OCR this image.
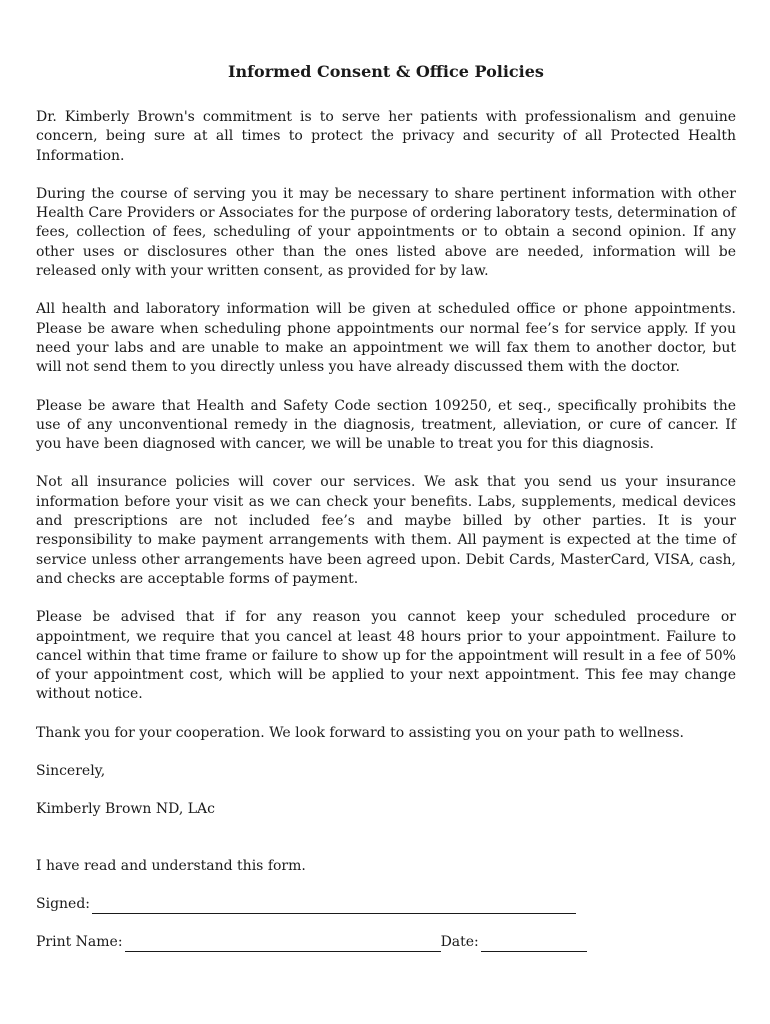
Informed Consent & Office Policies

Dr. Kimberly Brown's commitment is to serve her patients with professionalism and genuine concern, being sure at all times to protect the privacy and security of all Protected Health Information.

During the course of serving you it may be necessary to share pertinent information with other Health Care Providers or Associates for the purpose of ordering laboratory tests, determination of fees, collection of fees, scheduling of your appointments or to obtain a second opinion. If any other uses or disclosures other than the ones listed above are needed, information will be released only with your written consent, as provided for by law.

All health and laboratory information will be given at scheduled office or phone appointments. Please be aware when scheduling phone appointments our normal fee’s for service apply. If you need your labs and are unable to make an appointment we will fax them to another doctor, but will not send them to you directly unless you have already discussed them with the doctor.

Please be aware that Health and Safety Code section 109250, et seq., specifically prohibits the use of any unconventional remedy in the diagnosis, treatment, alleviation, or cure of cancer. If you have been diagnosed with cancer, we will be unable to treat you for this diagnosis.

Not all insurance policies will cover our services. We ask that you send us your insurance information before your visit as we can check your benefits. Labs, supplements, medical devices and prescriptions are not included fee’s and maybe billed by other parties. It is your responsibility to make payment arrangements with them. All payment is expected at the time of service unless other arrangements have been agreed upon. Debit Cards, MasterCard, VISA, cash, and checks are acceptable forms of payment.

Please be advised that if for any reason you cannot keep your scheduled procedure or appointment, we require that you cancel at least 48 hours prior to your appointment. Failure to cancel within that time frame or failure to show up for the appointment will result in a fee of 50% of your appointment cost, which will be applied to your next appointment. This fee may change without notice.

Thank you for your cooperation. We look forward to assisting you on your path to wellness.

Sincerely,

Kimberly Brown ND, LAc

I have read and understand this form.

Signed:
Print Name:	Date:
